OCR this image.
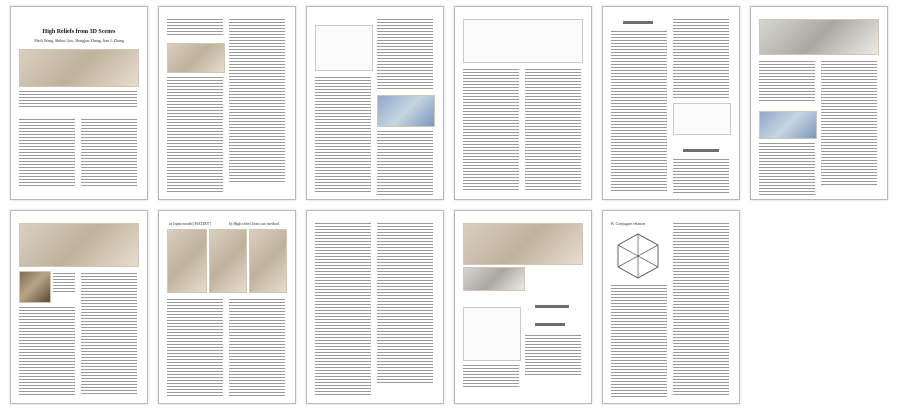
High Reliefs from 3D Scenes
Meili Wang, Shihui Guo, Hongjun Zhang, Jian J. Zhang
a) Input model [HATD07]	b) High relief from our method	B. Conjugate relation
